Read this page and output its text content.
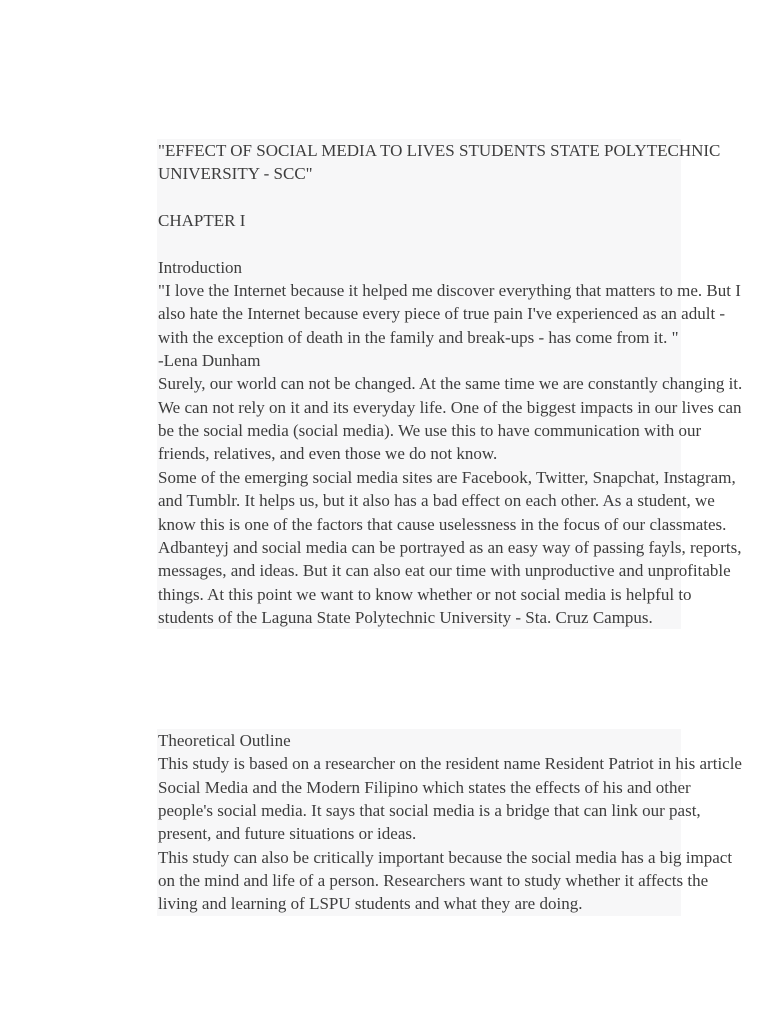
"EFFECT OF SOCIAL MEDIA TO LIVES STUDENTS STATE POLYTECHNIC
UNIVERSITY - SCC"
CHAPTER I
Introduction
"I love the Internet because it helped me discover everything that matters to me. But I
also hate the Internet because every piece of true pain I've experienced as an adult -
with the exception of death in the family and break-ups - has come from it. "
-Lena Dunham
Surely, our world can not be changed. At the same time we are constantly changing it.
We can not rely on it and its everyday life. One of the biggest impacts in our lives can
be the social media (social media). We use this to have communication with our
friends, relatives, and even those we do not know.
Some of the emerging social media sites are Facebook, Twitter, Snapchat, Instagram,
and Tumblr. It helps us, but it also has a bad effect on each other. As a student, we
know this is one of the factors that cause uselessness in the focus of our classmates.
Adbanteyj and social media can be portrayed as an easy way of passing fayls, reports,
messages, and ideas. But it can also eat our time with unproductive and unprofitable
things. At this point we want to know whether or not social media is helpful to
students of the Laguna State Polytechnic University - Sta. Cruz Campus.
Theoretical Outline
This study is based on a researcher on the resident name Resident Patriot in his article
Social Media and the Modern Filipino which states the effects of his and other
people's social media. It says that social media is a bridge that can link our past,
present, and future situations or ideas.
This study can also be critically important because the social media has a big impact
on the mind and life of a person. Researchers want to study whether it affects the
living and learning of LSPU students and what they are doing.
